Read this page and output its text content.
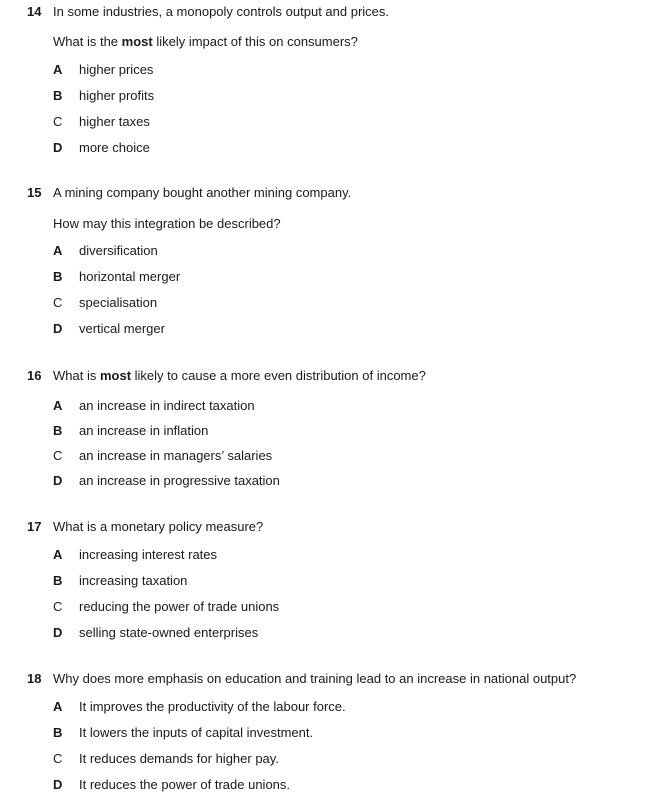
14 In some industries, a monopoly controls output and prices.
What is the most likely impact of this on consumers?
A higher prices
B higher profits
C higher taxes
D more choice
15 A mining company bought another mining company.
How may this integration be described?
A diversification
B horizontal merger
C specialisation
D vertical merger
16 What is most likely to cause a more even distribution of income?
A an increase in indirect taxation
B an increase in inflation
C an increase in managers’ salaries
D an increase in progressive taxation
17 What is a monetary policy measure?
A increasing interest rates
B increasing taxation
C reducing the power of trade unions
D selling state-owned enterprises
18 Why does more emphasis on education and training lead to an increase in national output?
A It improves the productivity of the labour force.
B It lowers the inputs of capital investment.
C It reduces demands for higher pay.
D It reduces the power of trade unions.
